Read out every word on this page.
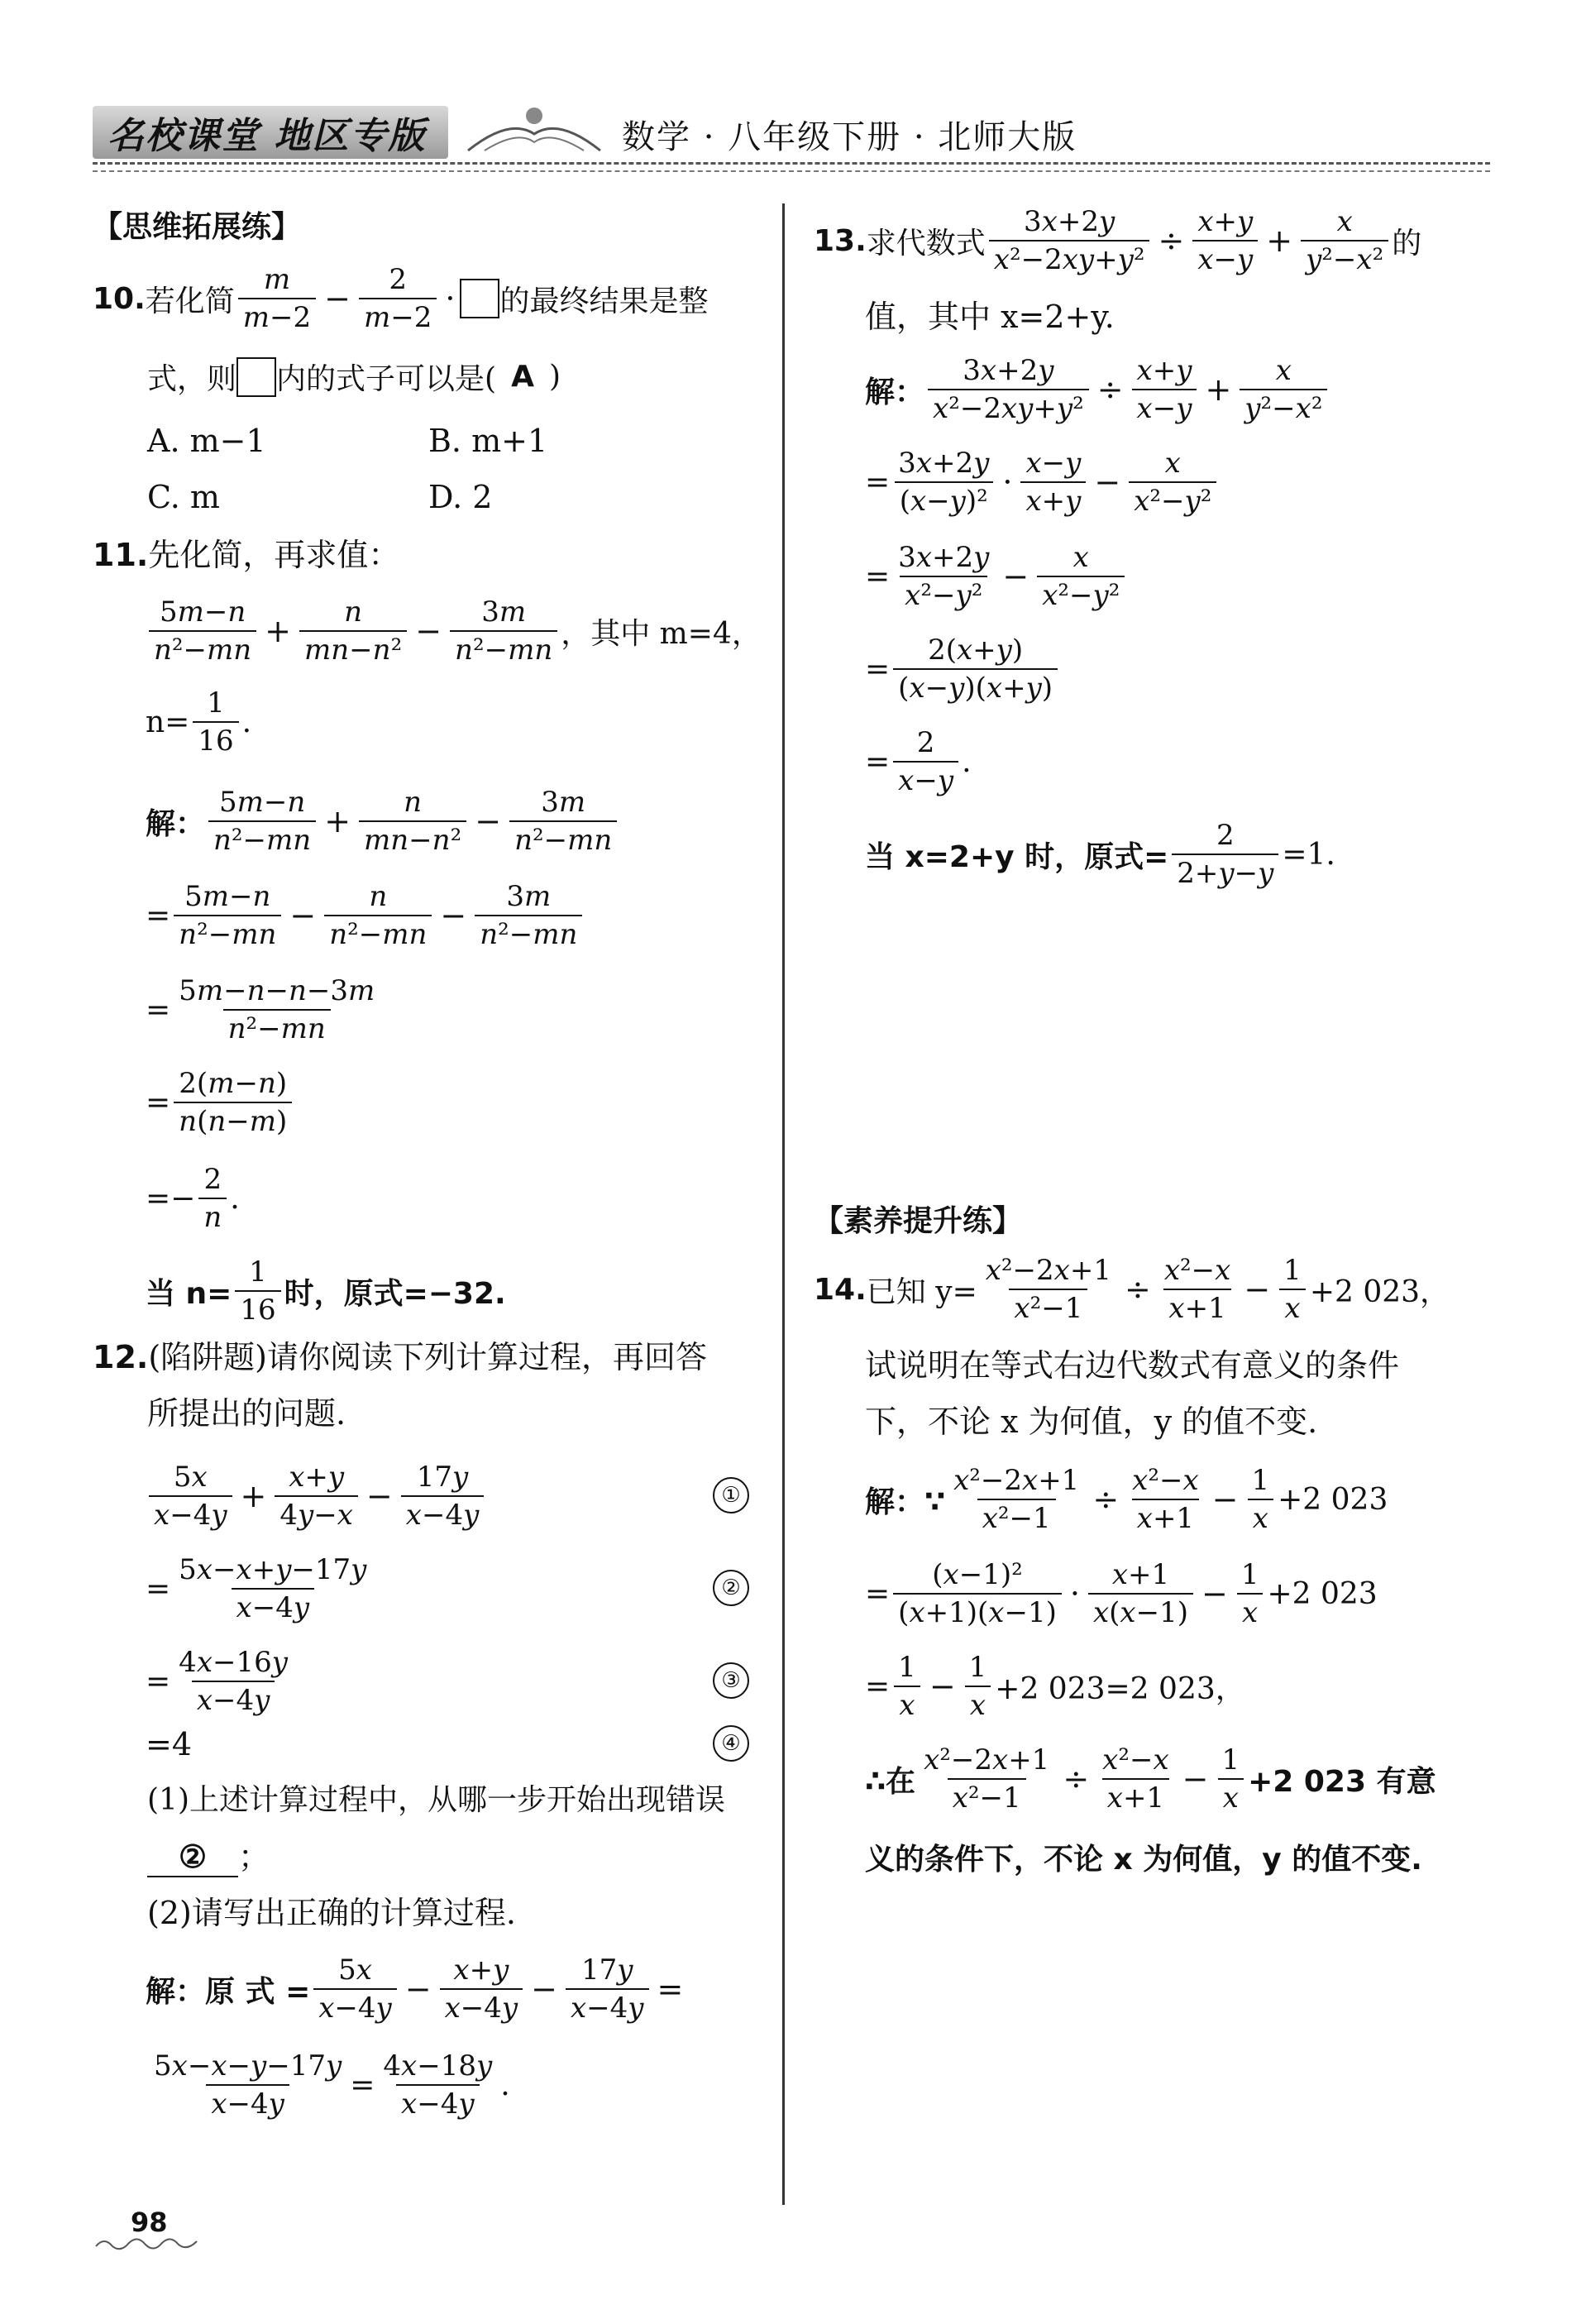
名校课堂 地区专版	数学 · 八年级下册 · 北师大版
【思维拓展练】
10. 若化简 $\frac{m}{m-2} - \frac{2}{m-2}$ · 的最终结果是整
式，则 内的式子可以是( A )
A. m−1	B. m+1
C. m	D. 2
11.先化简，再求值：
$\frac{5m-n}{\text{n²−mn}} + \frac{n}{\text{mn−n²}} - \frac{3m}{\text{n²−mn}}$ ，其中 m=4，
$n= \frac{1}{16}$ .
解： $\frac{5m-n}{\text{n²−mn}} + \frac{n}{\text{mn−n²}} - \frac{3m}{\text{n²−mn}}$
= $\frac{5m-n}{\text{n²−mn}} - \frac{n}{\text{n²−mn}} - \frac{3m}{\text{n²−mn}}$
= $\frac{5m-n-n-3m}{\text{n²−mn}}$
= $\frac{2(m-n)}{n(n-m)}$
=− $\frac{2}{n}$ .
当 $n= \frac{1}{16}$ 时，原式=−32.
12.(陷阱题)请你阅读下列计算过程，再回答
所提出的问题.
$\frac{5x}{x-4y} + \frac{x+y}{4y-x} - \frac{17y}{x-4y}$	①
= $\frac{5x-x+y-17y}{x-4y}$	②
= $\frac{4x-16y}{x-4y}$	③
=4	④
(1)上述计算过程中，从哪一步开始出现错误
② ；
(2)请写出正确的计算过程.
解：原 式 = $\frac{5x}{x-4y} - \frac{x+y}{x-4y} - \frac{17y}{x-4y}$ =
$\frac{5x-x-y-17y}{x-4y} = \frac{4x-18y}{x-4y}$ .
13. 求代数式 $\frac{3x+2y}{\text{x²−2xy+y²}} \div \frac{x+y}{x-y} + \frac{x}{\text{y²−x²}}$ 的
值，其中 x=2+y.
解： $\frac{3x+2y}{\text{x²−2xy+y²}} \div \frac{x+y}{x-y} + \frac{x}{\text{y²−x²}}$
= $\frac{3x+2y}{\text{(x−y)²}} \cdot \frac{x-y}{x+y} - \frac{x}{\text{x²−y²}}$
= $\frac{3x+2y}{\text{x²−y²}} - \frac{x}{\text{x²−y²}}$
= $\frac{2(x+y)}{(x-y)(x+y)}$
= $\frac{2}{x-y}$ .
当 x=2+y 时，原式= $\frac{2}{2+y-y} =1$.
【素养提升练】
14. 已知 $y= \frac{\text{x²−2x+1}}{\text{x²−1}} \div \frac{\text{x²−x}}{x+1} - \frac{1}{x} +2$ 023，
试说明在等式右边代数式有意义的条件
下，不论 x 为何值，y 的值不变.
解：∵ $\frac{\text{x²−2x+1}}{\text{x²−1}} \div \frac{\text{x²−x}}{x+1} - \frac{1}{x} +2$ 023
= $\frac{\text{(x−1)²}}{(x+1)(x-1)} \cdot \frac{x+1}{x(x-1)} - \frac{1}{x} +2$ 023
= $\frac{1}{x} - \frac{1}{x} +2$ 023=2 023，
∴在 $\frac{\text{x²−2x+1}}{\text{x²−1}} \div \frac{\text{x²−x}}{x+1} - \frac{1}{x} +2$ 023 有意
义的条件下，不论 x 为何值，y 的值不变.
98
